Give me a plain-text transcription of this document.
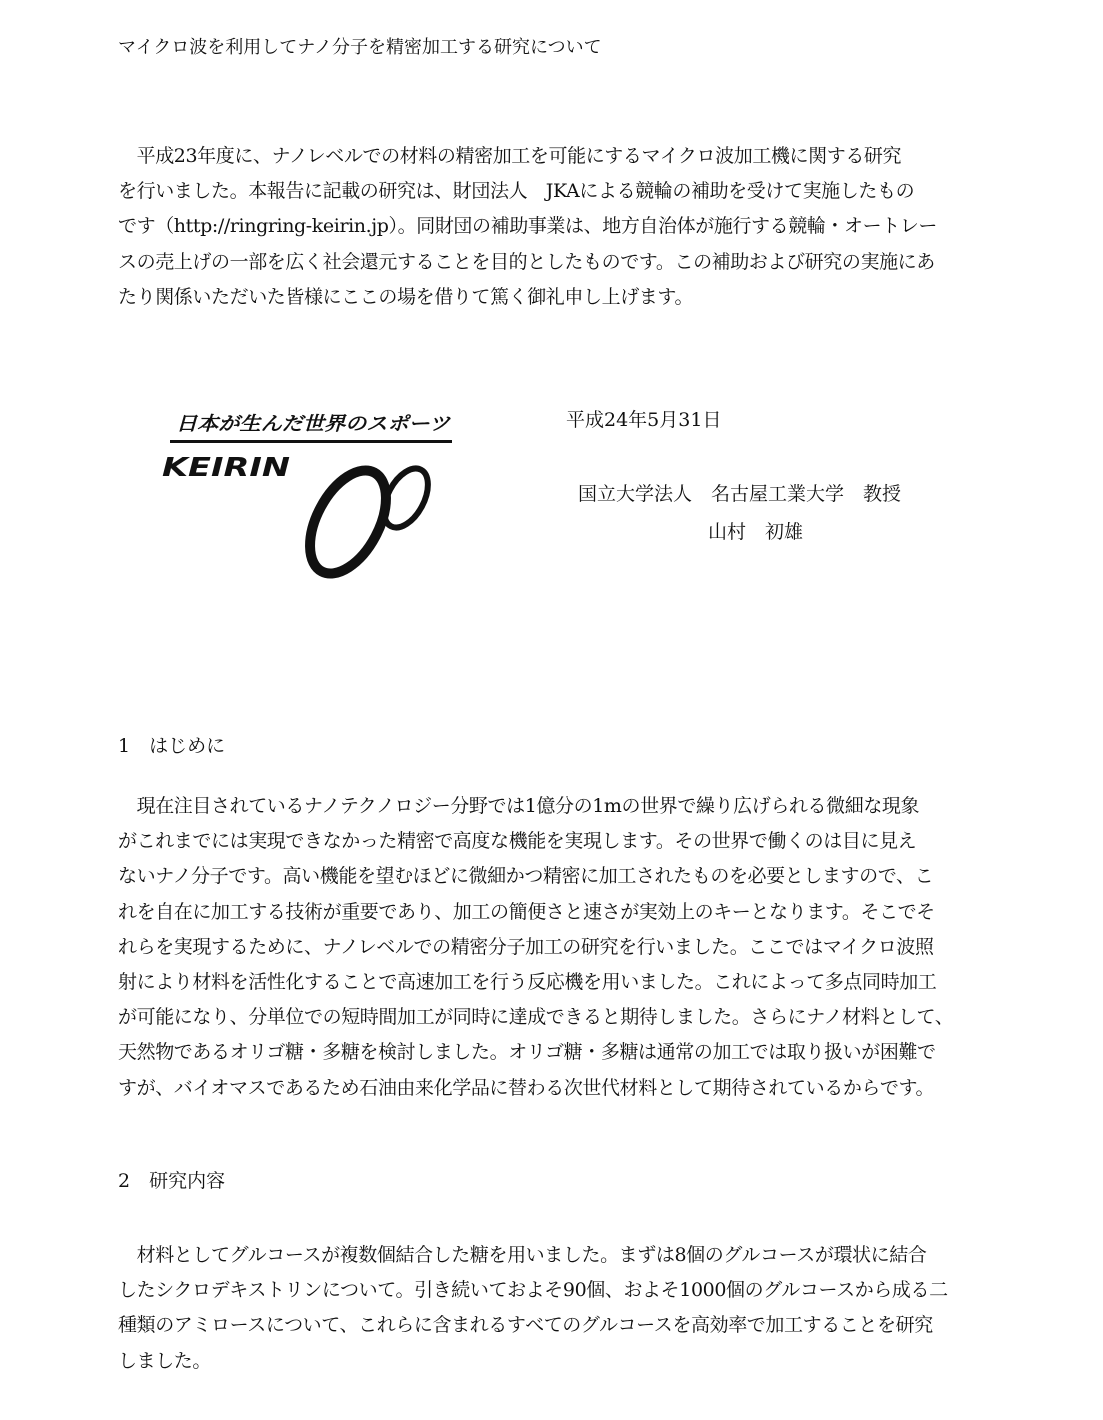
マイクロ波を利用してナノ分子を精密加工する研究について
　平成23年度に、ナノレベルでの材料の精密加工を可能にするマイクロ波加工機に関する研究
を行いました。本報告に記載の研究は、財団法人　JKAによる競輪の補助を受けて実施したもの
です（http://ringring-keirin.jp）。同財団の補助事業は、地方自治体が施行する競輪・オートレー
スの売上げの一部を広く社会還元することを目的としたものです。この補助および研究の実施にあ
たり関係いただいた皆様にここの場を借りて篤く御礼申し上げます。
日本が生んだ世界のスポーツ
KEIRIN
平成24年5月31日
国立大学法人　名古屋工業大学　教授
山村　初雄
1　はじめに
　現在注目されているナノテクノロジー分野では1億分の1mの世界で繰り広げられる微細な現象
がこれまでには実現できなかった精密で高度な機能を実現します。その世界で働くのは目に見え
ないナノ分子です。高い機能を望むほどに微細かつ精密に加工されたものを必要としますので、こ
れを自在に加工する技術が重要であり、加工の簡便さと速さが実効上のキーとなります。そこでそ
れらを実現するために、ナノレベルでの精密分子加工の研究を行いました。ここではマイクロ波照
射により材料を活性化することで高速加工を行う反応機を用いました。これによって多点同時加工
が可能になり、分単位での短時間加工が同時に達成できると期待しました。さらにナノ材料として、
天然物であるオリゴ糖・多糖を検討しました。オリゴ糖・多糖は通常の加工では取り扱いが困難で
すが、バイオマスであるため石油由来化学品に替わる次世代材料として期待されているからです。
2　研究内容
　材料としてグルコースが複数個結合した糖を用いました。まずは8個のグルコースが環状に結合
したシクロデキストリンについて。引き続いておよそ90個、およそ1000個のグルコースから成る二
種類のアミロースについて、これらに含まれるすべてのグルコースを高効率で加工することを研究
しました。
